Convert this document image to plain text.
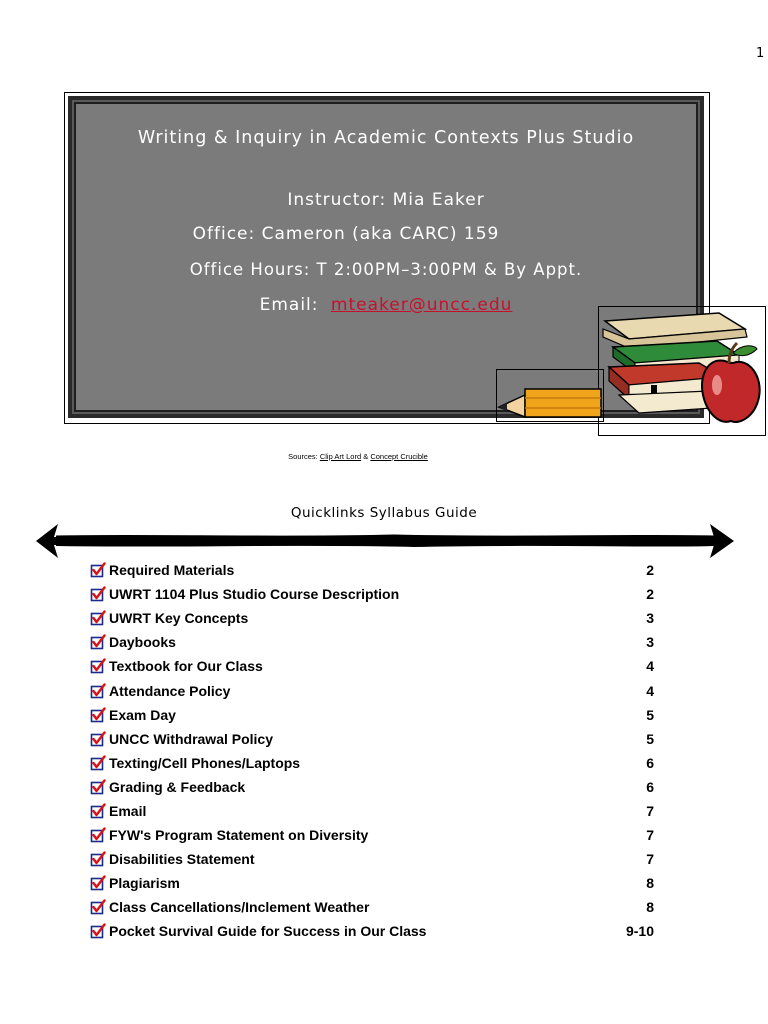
1
Writing & Inquiry in Academic Contexts Plus Studio
Instructor: Mia Eaker
Office: Cameron (aka CARC) 159
Office Hours: T 2:00PM–3:00PM & By Appt.
Email: mteaker@uncc.edu
Sources: Clip Art Lord & Concept Crucible
Quicklinks Syllabus Guide
Required Materials	2
UWRT 1104 Plus Studio Course Description	2
UWRT Key Concepts	3
Daybooks	3
Textbook for Our Class	4
Attendance Policy	4
Exam Day	5
UNCC Withdrawal Policy	5
Texting/Cell Phones/Laptops	6
Grading & Feedback	6
Email	7
FYW's Program Statement on Diversity	7
Disabilities Statement	7
Plagiarism	8
Class Cancellations/Inclement Weather	8
Pocket Survival Guide for Success in Our Class	9-10
